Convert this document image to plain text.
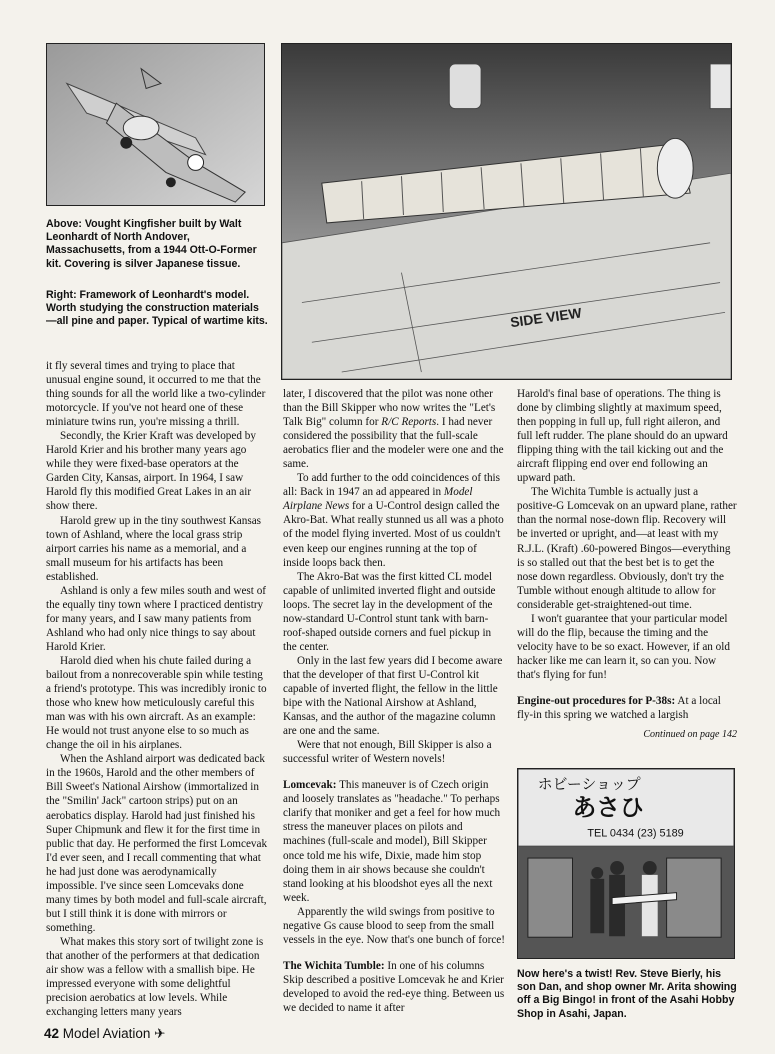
SIDE VIEW
Above: Vought Kingfisher built by Walt Leonhardt of North Andover, Massachusetts, from a 1944 Ott-O-Former kit. Covering is silver Japanese tissue.
Right: Framework of Leonhardt's model. Worth studying the construction materials—all pine and paper. Typical of wartime kits.

it fly several times and trying to place that unusual engine sound, it occurred to me that the thing sounds for all the world like a two-cylinder motorcycle. If you've not heard one of these miniature twins run, you're missing a thrill.

Secondly, the Krier Kraft was developed by Harold Krier and his brother many years ago while they were fixed-base operators at the Garden City, Kansas, airport. In 1964, I saw Harold fly this modified Great Lakes in an air show there.

Harold grew up in the tiny southwest Kansas town of Ashland, where the local grass strip airport carries his name as a memorial, and a small museum for his artifacts has been established.

Ashland is only a few miles south and west of the equally tiny town where I practiced dentistry for many years, and I saw many patients from Ashland who had only nice things to say about Harold Krier.

Harold died when his chute failed during a bailout from a nonrecoverable spin while testing a friend's prototype. This was incredibly ironic to those who knew how meticulously careful this man was with his own aircraft. As an example: He would not trust anyone else to so much as change the oil in his airplanes.

When the Ashland airport was dedicated back in the 1960s, Harold and the other members of Bill Sweet's National Airshow (immortalized in the "Smilin' Jack" cartoon strips) put on an aerobatics display. Harold had just finished his Super Chipmunk and flew it for the first time in public that day. He performed the first Lomcevak I'd ever seen, and I recall commenting that what he had just done was aerodynamically impossible. I've since seen Lomcevaks done many times by both model and full-scale aircraft, but I still think it is done with mirrors or something.

What makes this story sort of twilight zone is that another of the performers at that dedication air show was a fellow with a smallish bipe. He impressed everyone with some delightful precision aerobatics at low levels. While exchanging letters many years

later, I discovered that the pilot was none other than the Bill Skipper who now writes the "Let's Talk Big" column for R/C Reports. I had never considered the possibility that the full-scale aerobatics flier and the modeler were one and the same.

To add further to the odd coincidences of this all: Back in 1947 an ad appeared in Model Airplane News for a U-Control design called the Akro-Bat. What really stunned us all was a photo of the model flying inverted. Most of us couldn't even keep our engines running at the top of inside loops back then.

The Akro-Bat was the first kitted CL model capable of unlimited inverted flight and outside loops. The secret lay in the development of the now-standard U-Control stunt tank with barn-roof-shaped outside corners and fuel pickup in the center.

Only in the last few years did I become aware that the developer of that first U-Control kit capable of inverted flight, the fellow in the little bipe with the National Airshow at Ashland, Kansas, and the author of the magazine column are one and the same.

Were that not enough, Bill Skipper is also a successful writer of Western novels!

Lomcevak: This maneuver is of Czech origin and loosely translates as "headache." To perhaps clarify that moniker and get a feel for how much stress the maneuver places on pilots and machines (full-scale and model), Bill Skipper once told me his wife, Dixie, made him stop doing them in air shows because she couldn't stand looking at his bloodshot eyes all the next week.

Apparently the wild swings from positive to negative Gs cause blood to seep from the small vessels in the eye. Now that's one bunch of force!

The Wichita Tumble: In one of his columns Skip described a positive Lomcevak he and Krier developed to avoid the red-eye thing. Between us we decided to name it after

Harold's final base of operations. The thing is done by climbing slightly at maximum speed, then popping in full up, full right aileron, and full left rudder. The plane should do an upward flipping thing with the tail kicking out and the aircraft flipping end over end following an upward path.

The Wichita Tumble is actually just a positive-G Lomcevak on an upward plane, rather than the normal nose-down flip. Recovery will be inverted or upright, and—at least with my R.J.L. (Kraft) .60-powered Bingos—everything is so stalled out that the best bet is to get the nose down regardless. Obviously, don't try the Tumble without enough altitude to allow for considerable get-straightened-out time.

I won't guarantee that your particular model will do the flip, because the timing and the velocity have to be so exact. However, if an old hacker like me can learn it, so can you. Now that's flying for fun!

Engine-out procedures for P-38s: At a local fly-in this spring we watched a largish

Continued on page 142
ホビーショップ
あさひ
TEL 0434 (23) 5189
Now here's a twist! Rev. Steve Bierly, his son Dan, and shop owner Mr. Arita showing off a Big Bingo! in front of the Asahi Hobby Shop in Asahi, Japan.
42 Model Aviation ✈
